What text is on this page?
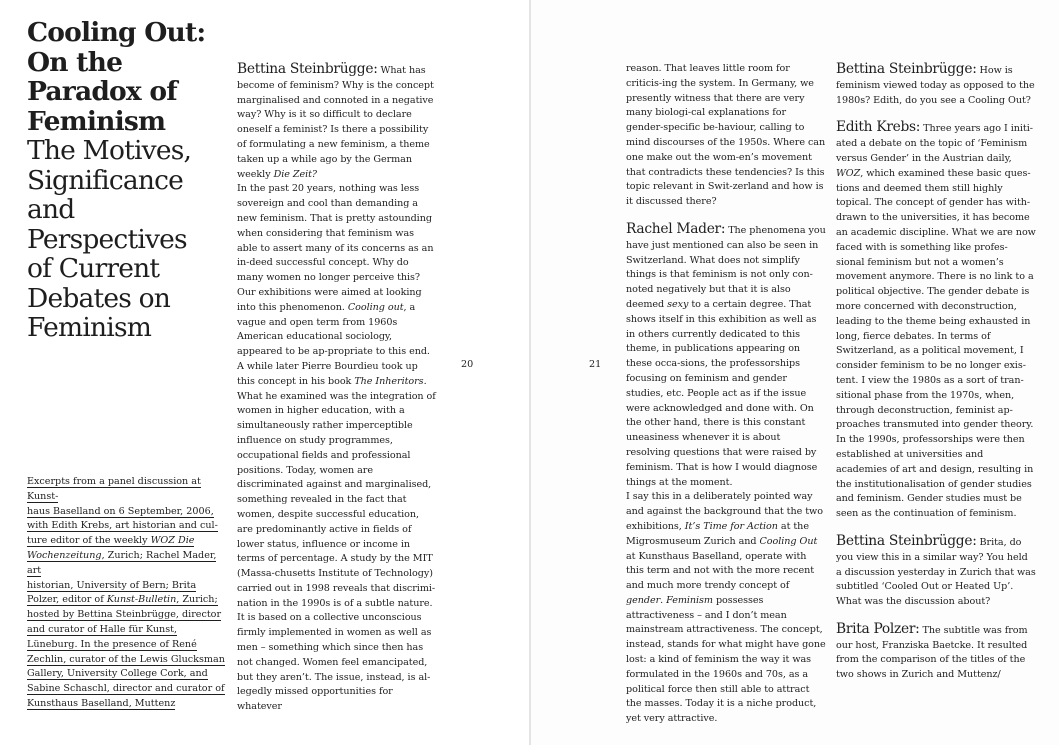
Cooling Out:
On the
Paradox of
Feminism
The Motives,
Significance
and
Perspectives
of Current
Debates on
Feminism
Excerpts from a panel discussion at Kunst-
haus Baselland on 6 September, 2006,
with Edith Krebs, art historian and cul-
ture editor of the weekly WOZ Die
Wochenzeitung, Zurich; Rachel Mader, art
historian, University of Bern; Brita
Polzer, editor of Kunst-Bulletin, Zurich;
hosted by Bettina Steinbrügge, director
and curator of Halle für Kunst,
Lüneburg. In the presence of René
Zechlin, curator of the Lewis Glucksman
Gallery, University College Cork, and
Sabine Schaschl, director and curator of
Kunsthaus Baselland, Muttenz

Bettina Steinbrügge: What has become of feminism? Why is the concept marginalised and connoted in a negative way? Why is it so difficult to declare oneself a feminist? Is there a possibility of formulating a new feminism, a theme taken up a while ago by the German weekly Die Zeit?

In the past 20 years, nothing was less sovereign and cool than demanding a new feminism. That is pretty astounding when considering that feminism was able to assert many of its concerns as an in-deed successful concept. Why do many women no longer perceive this? Our exhibitions were aimed at looking into this phenomenon. Cooling out, a vague and open term from 1960s American educational sociology, appeared to be ap-propriate to this end. A while later Pierre Bourdieu took up this concept in his book The Inheritors. What he examined was the integration of women in higher education, with a simultaneously rather imperceptible influence on study programmes, occupational fields and professional positions. Today, women are discriminated against and marginalised, something revealed in the fact that women, despite successful education, are predominantly active in fields of lower status, influence or income in terms of percentage. A study by the MIT (Massa-chusetts Institute of Technology) carried out in 1998 reveals that discrimi-nation in the 1990s is of a subtle nature. It is based on a collective unconscious firmly implemented in women as well as men – something which since then has not changed. Women feel emancipated, but they aren’t. The issue, instead, is al-legedly missed opportunities for whatever

20	21

reason. That leaves little room for criticis-ing the system. In Germany, we presently witness that there are very many biologi-cal explanations for gender-specific be-haviour, calling to mind discourses of the 1950s. Where can one make out the wom-en’s movement that contradicts these tendencies? Is this topic relevant in Swit-zerland and how is it discussed there?

Rachel Mader: The phenomena you have just mentioned can also be seen in Switzerland. What does not simplify things is that feminism is not only con-noted negatively but that it is also deemed sexy to a certain degree. That shows itself in this exhibition as well as in others currently dedicated to this theme, in publications appearing on these occa-sions, the professorships focusing on feminism and gender studies, etc. People act as if the issue were acknowledged and done with. On the other hand, there is this constant uneasiness whenever it is about resolving questions that were raised by feminism. That is how I would diagnose things at the moment.

I say this in a deliberately pointed way and against the background that the two exhibitions, It’s Time for Action at the Migrosmuseum Zurich and Cooling Out at Kunsthaus Baselland, operate with this term and not with the more recent and much more trendy concept of gender. Feminism possesses attractiveness – and I don’t mean mainstream attractiveness. The concept, instead, stands for what might have gone lost: a kind of feminism the way it was formulated in the 1960s and 70s, as a political force then still able to attract the masses. Today it is a niche product, yet very attractive.

Bettina Steinbrügge: How is feminism viewed today as opposed to the 1980s? Edith, do you see a Cooling Out?

Edith Krebs: Three years ago I initi-ated a debate on the topic of ‘Feminism versus Gender’ in the Austrian daily, WOZ, which examined these basic ques-tions and deemed them still highly topical. The concept of gender has with-drawn to the universities, it has become an academic discipline. What we are now faced with is something like profes-sional feminism but not a women’s movement anymore. There is no link to a political objective. The gender debate is more concerned with deconstruction, leading to the theme being exhausted in long, fierce debates. In terms of Switzerland, as a political movement, I consider feminism to be no longer exis-tent. I view the 1980s as a sort of tran-sitional phase from the 1970s, when, through deconstruction, feminist ap-proaches transmuted into gender theory. In the 1990s, professorships were then established at universities and academies of art and design, resulting in the institutionalisation of gender studies and feminism. Gender studies must be seen as the continuation of feminism.

Bettina Steinbrügge: Brita, do you view this in a similar way? You held a discussion yesterday in Zurich that was subtitled ‘Cooled Out or Heated Up’. What was the discussion about?

Brita Polzer: The subtitle was from our host, Franziska Baetcke. It resulted from the comparison of the titles of the two shows in Zurich and Muttenz/
